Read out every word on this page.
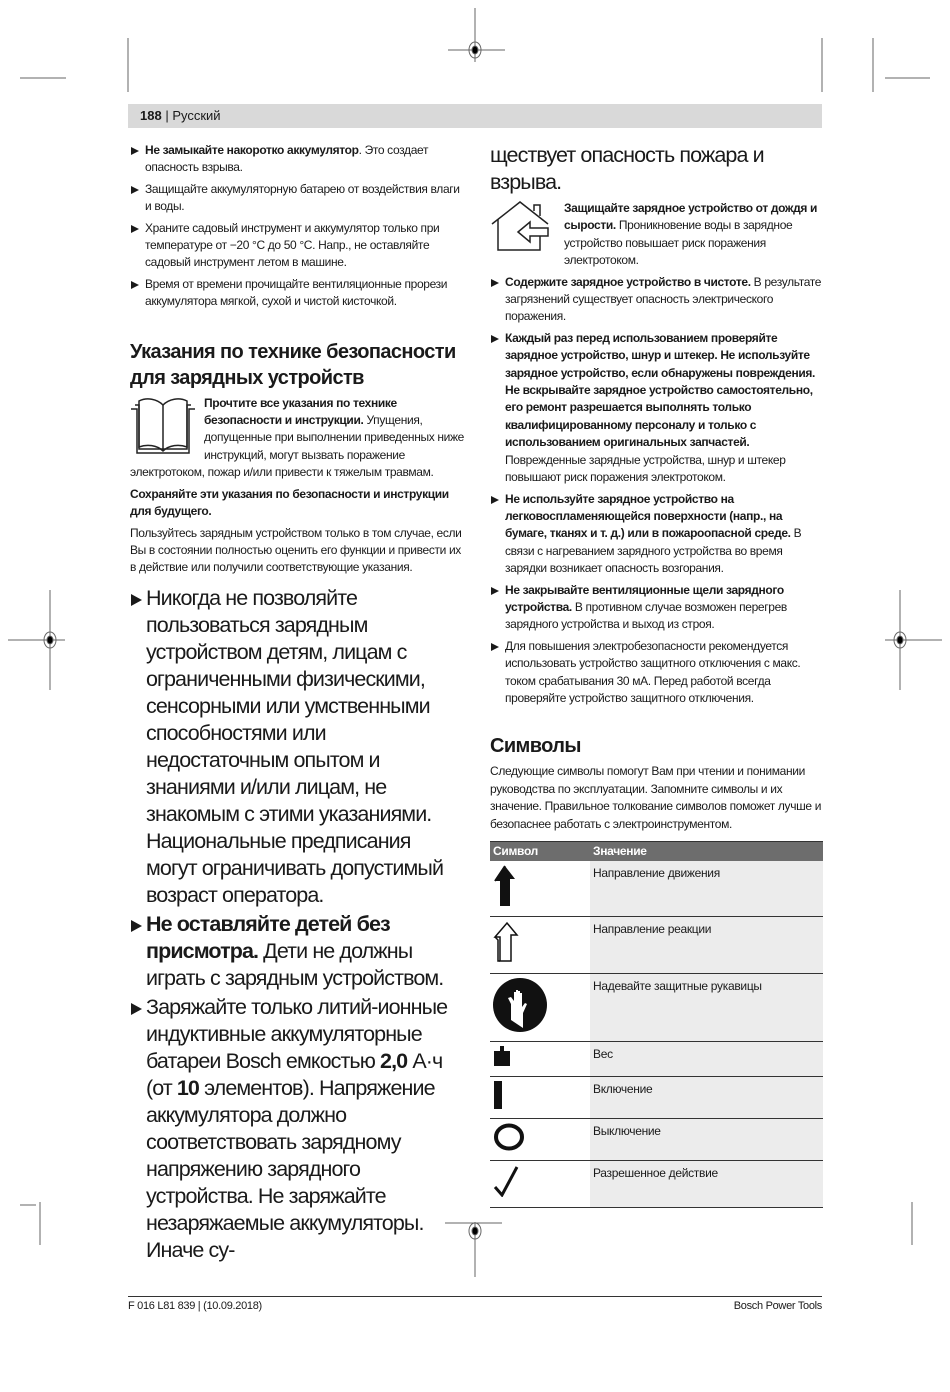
188 | Русский
Не замыкайте накоротко аккумулятор. Это создает опасность взрыва.
Защищайте аккумуляторную батарею от воздействия влаги и воды.
Храните садовый инструмент и аккумулятор только при температуре от −20 °C до 50 °C. Напр., не оставляйте садовый инструмент летом в машине.
Время от времени прочищайте вентиляционные прорези аккумулятора мягкой, сухой и чистой кисточкой.
Указания по технике безопасности для зарядных устройств
Прочтите все указания по технике безопасности и инструкции. Упущения, допущенные при выполнении приведенных ниже инструкций, могут вызвать поражение электротоком, пожар и/или привести к тяжелым травмам.
Сохраняйте эти указания по безопасности и инструкции для будущего.
Пользуйтесь зарядным устройством только в том случае, если Вы в состоянии полностью оценить его функции и привести их в действие или получили соответствующие указания.
Никогда не позволяйте пользоваться зарядным устройством детям, лицам с ограниченными физическими, сенсорными или умственными способностями или недостаточным опытом и знаниями и/или лицам, не знакомым с этими указаниями. Национальные предписания могут ограничивать допустимый возраст оператора.
Не оставляйте детей без присмотра. Дети не должны играть с зарядным устройством.
Заряжайте только литий-ионные индуктивные аккумуляторные батареи Bosch емкостью 2,0 А·ч (от 10 элементов). Напряжение аккумулятора должно соответствовать зарядному напряжению зарядного устройства. Не заряжайте незаряжаемые аккумуляторы. Иначе су-
ществует опасность пожара и взрыва.
Защищайте зарядное устройство от дождя и сырости. Проникновение воды в зарядное устройство повышает риск поражения электротоком.
Содержите зарядное устройство в чистоте. В результате загрязнений существует опасность электрического поражения.
Каждый раз перед использованием проверяйте зарядное устройство, шнур и штекер. Не используйте зарядное устройство, если обнаружены повреждения. Не вскрывайте зарядное устройство самостоятельно, его ремонт разрешается выполнять только квалифицированному персоналу и только с использованием оригинальных запчастей. Поврежденные зарядные устройства, шнур и штекер повышают риск поражения электротоком.
Не используйте зарядное устройство на легковоспламеняющейся поверхности (напр., на бумаге, тканях и т. д.) или в пожароопасной среде. В связи с нагреванием зарядного устройства во время зарядки возникает опасность возгорания.
Не закрывайте вентиляционные щели зарядного устройства. В противном случае возможен перегрев зарядного устройства и выход из строя.
Для повышения электробезопасности рекомендуется использовать устройство защитного отключения с макс. током срабатывания 30 мА. Перед работой всегда проверяйте устройство защитного отключения.
Символы
Следующие символы помогут Вам при чтении и понимании руководства по эксплуатации. Запомните символы и их значение. Правильное толкование символов поможет лучше и безопаснее работать с электроинструментом.
Символ	Значение
	Направление движения
	Направление реакции
	Надевайте защитные рукавицы
	Вес
	Включение
	Выключение
	Разрешенное действие
F 016 L81 839 | (10.09.2018)	Bosch Power Tools
